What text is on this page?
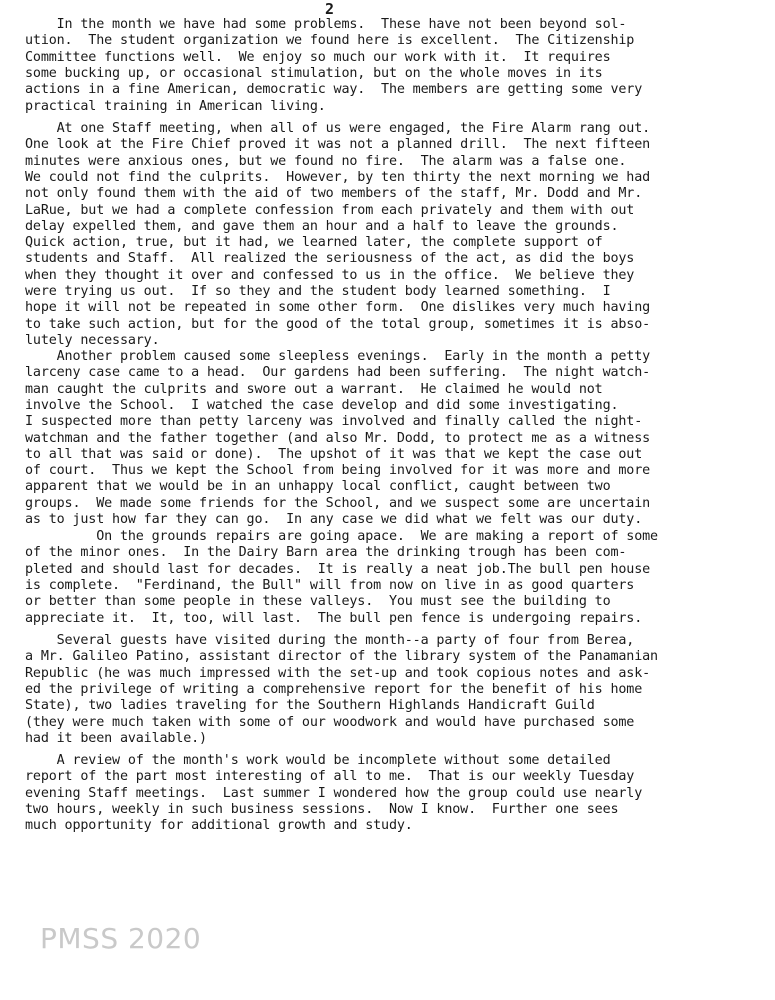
2
In the month we have had some problems.  These have not been beyond sol-
ution.  The student organization we found here is excellent.  The Citizenship
Committee functions well.  We enjoy so much our work with it.  It requires
some bucking up, or occasional stimulation, but on the whole moves in its
actions in a fine American, democratic way.  The members are getting some very
practical training in American living.
At one Staff meeting, when all of us were engaged, the Fire Alarm rang out.
One look at the Fire Chief proved it was not a planned drill.  The next fifteen
minutes were anxious ones, but we found no fire.  The alarm was a false one.
We could not find the culprits.  However, by ten thirty the next morning we had
not only found them with the aid of two members of the staff, Mr. Dodd and Mr.
LaRue, but we had a complete confession from each privately and them with out
delay expelled them, and gave them an hour and a half to leave the grounds.
Quick action, true, but it had, we learned later, the complete support of
students and Staff.  All realized the seriousness of the act, as did the boys
when they thought it over and confessed to us in the office.  We believe they
were trying us out.  If so they and the student body learned something.  I
hope it will not be repeated in some other form.  One dislikes very much having
to take such action, but for the good of the total group, sometimes it is abso-
lutely necessary.
Another problem caused some sleepless evenings.  Early in the month a petty
larceny case came to a head.  Our gardens had been suffering.  The night watch-
man caught the culprits and swore out a warrant.  He claimed he would not
involve the School.  I watched the case develop and did some investigating.
I suspected more than petty larceny was involved and finally called the night-
watchman and the father together (and also Mr. Dodd, to protect me as a witness
to all that was said or done).  The upshot of it was that we kept the case out
of court.  Thus we kept the School from being involved for it was more and more
apparent that we would be in an unhappy local conflict, caught between two
groups.  We made some friends for the School, and we suspect some are uncertain
as to just how far they can go.  In any case we did what we felt was our duty.
On the grounds repairs are going apace.  We are making a report of some
of the minor ones.  In the Dairy Barn area the drinking trough has been com-
pleted and should last for decades.  It is really a neat job.The bull pen house
is complete.  "Ferdinand, the Bull" will from now on live in as good quarters
or better than some people in these valleys.  You must see the building to
appreciate it.  It, too, will last.  The bull pen fence is undergoing repairs.
Several guests have visited during the month--a party of four from Berea,
a Mr. Galileo Patino, assistant director of the library system of the Panamanian
Republic (he was much impressed with the set-up and took copious notes and ask-
ed the privilege of writing a comprehensive report for the benefit of his home
State), two ladies traveling for the Southern Highlands Handicraft Guild
(they were much taken with some of our woodwork and would have purchased some
had it been available.)
A review of the month's work would be incomplete without some detailed
report of the part most interesting of all to me.  That is our weekly Tuesday
evening Staff meetings.  Last summer I wondered how the group could use nearly
two hours, weekly in such business sessions.  Now I know.  Further one sees
much opportunity for additional growth and study.
PMSS 2020
